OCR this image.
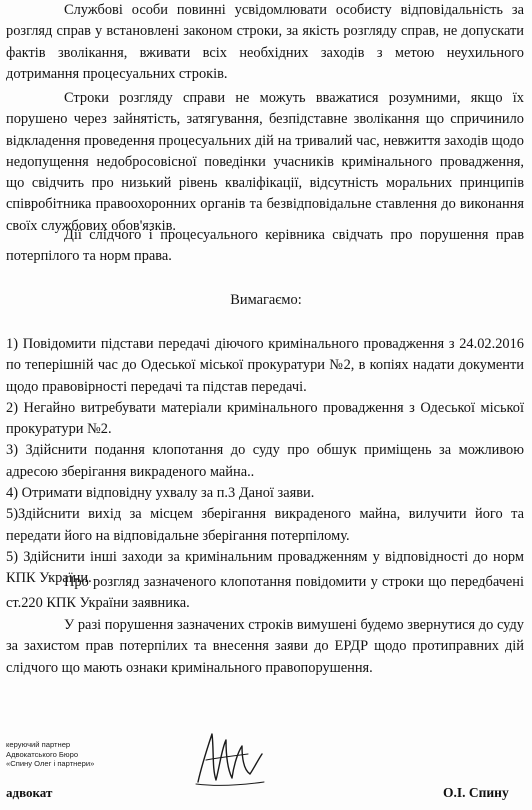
Службові особи повинні усвідомлювати особисту відповідальність за розгляд справ у встановлені законом строки, за якість розгляду справ, не допускати фактів зволікання, вживати всіх необхідних заходів з метою неухильного дотримання процесуальних строків.

Строки розгляду справи не можуть вважатися розумними, якщо їх порушено через зайнятість, затягування, безпідставне зволікання що спричинило відкладення проведення процесуальних дій на тривалий час, невжиття заходів щодо недопущення недобросовісної поведінки учасників кримінального провадження, що свідчить про низький рівень кваліфікації, відсутність моральних принципів співробітника правоохоронних органів та безвідповідальне ставлення до виконання своїх службових обов'язків.

Дії слідчого і процесуального керівника свідчать про порушення прав потерпілого та норм права.

Вимагаємо:

1) Повідомити підстави передачі діючого кримінального провадження з 24.02.2016 по теперішній час до Одеської міської прокуратури №2, в копіях надати документи щодо правовірності передачі та підстав передачі.

2) Негайно витребувати матеріали кримінального провадження з Одеської міської прокуратури №2.

3) Здійснити подання клопотання до суду про обшук приміщень за можливою адресою зберігання викраденого майна..

4) Отримати відповідну ухвалу за п.3 Даної заяви.

5)Здійснити вихід за місцем зберігання викраденого майна, вилучити його та передати його на відповідальне зберігання потерпілому.

5) Здійснити інші заходи за кримінальним провадженням у відповідності до норм КПК України.

Про розгляд зазначеного клопотання повідомити у строки що передбачені ст.220 КПК України заявника.

У разі порушення зазначених строків вимушені будемо звернутися до суду за захистом прав потерпілих та внесення заяви до ЕРДР щодо протиправних дій слідчого що мають ознаки кримінального правопорушення.

керуючий партнер
Адвокатського Бюро
«Спину Олег і партнери»
адвокат	О.І. Спину
